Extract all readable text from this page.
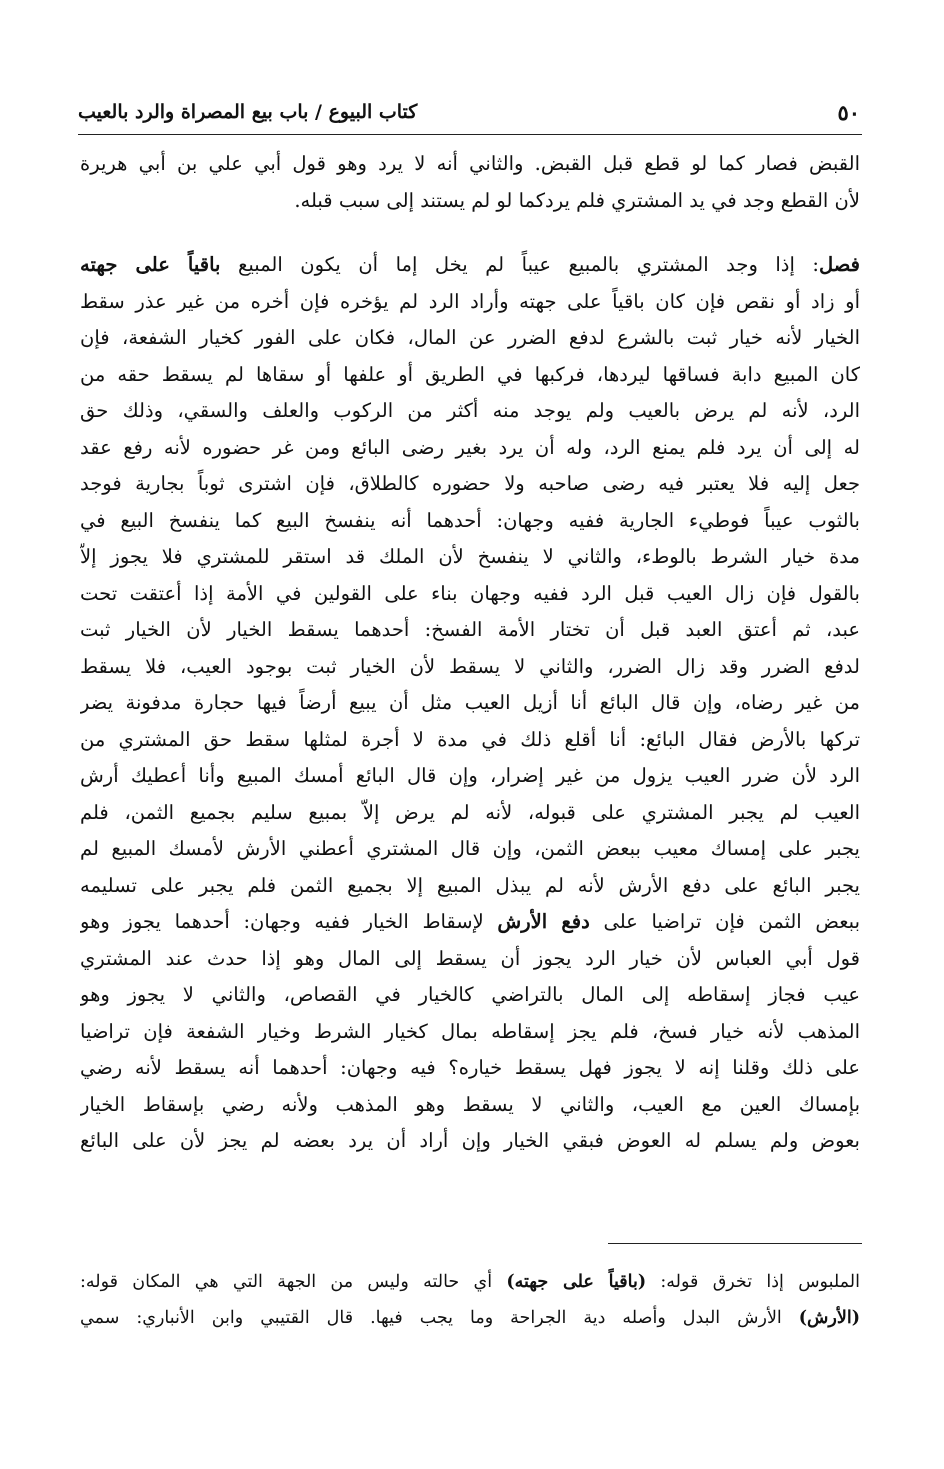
٥٠
كتاب البيوع / باب بيع المصراة والرد بالعيب

القبض فصار كما لو قطع قبل القبض. والثاني أنه لا يرد وهو قول أبي علي بن أبي هريرة
لأن القطع وجد في يد المشتري فلم يردكما لو لم يستند إلى سبب قبله.

فصل: إذا وجد المشتري بالمبيع عيباً لم يخل إما أن يكون المبيع باقياً على جهته
أو زاد أو نقص فإن كان باقياً على جهته وأراد الرد لم يؤخره فإن أخره من غير عذر سقط
الخيار لأنه خيار ثبت بالشرع لدفع الضرر عن المال، فكان على الفور كخيار الشفعة، فإن
كان المبيع دابة فساقها ليردها، فركبها في الطريق أو علفها أو سقاها لم يسقط حقه من
الرد، لأنه لم يرض بالعيب ولم يوجد منه أكثر من الركوب والعلف والسقي، وذلك حق
له إلى أن يرد فلم يمنع الرد، وله أن يرد بغير رضى البائع ومن غر حضوره لأنه رفع عقد
جعل إليه فلا يعتبر فيه رضى صاحبه ولا حضوره كالطلاق، فإن اشترى ثوباً بجارية فوجد
بالثوب عيباً فوطيء الجارية ففيه وجهان: أحدهما أنه ينفسخ البيع كما ينفسخ البيع في
مدة خيار الشرط بالوطء، والثاني لا ينفسخ لأن الملك قد استقر للمشتري فلا يجوز إلاّ
بالقول فإن زال العيب قبل الرد ففيه وجهان بناء على القولين في الأمة إذا أعتقت تحت
عبد، ثم أعتق العبد قبل أن تختار الأمة الفسخ: أحدهما يسقط الخيار لأن الخيار ثبت
لدفع الضرر وقد زال الضرر، والثاني لا يسقط لأن الخيار ثبت بوجود العيب، فلا يسقط
من غير رضاه، وإن قال البائع أنا أزيل العيب مثل أن يبيع أرضاً فيها حجارة مدفونة يضر
تركها بالأرض فقال البائع: أنا أقلع ذلك في مدة لا أجرة لمثلها سقط حق المشتري من
الرد لأن ضرر العيب يزول من غير إضرار، وإن قال البائع أمسك المبيع وأنا أعطيك أرش
العيب لم يجبر المشتري على قبوله، لأنه لم يرض إلاّ بمبيع سليم بجميع الثمن، فلم
يجبر على إمساك معيب ببعض الثمن، وإن قال المشتري أعطني الأرش لأمسك المبيع لم
يجبر البائع على دفع الأرش لأنه لم يبذل المبيع إلا بجميع الثمن فلم يجبر على تسليمه
ببعض الثمن فإن تراضيا على دفع الأرش لإسقاط الخيار ففيه وجهان: أحدهما يجوز وهو
قول أبي العباس لأن خيار الرد يجوز أن يسقط إلى المال وهو إذا حدث عند المشتري
عيب فجاز إسقاطه إلى المال بالتراضي كالخيار في القصاص، والثاني لا يجوز وهو
المذهب لأنه خيار فسخ، فلم يجز إسقاطه بمال كخيار الشرط وخيار الشفعة فإن تراضيا
على ذلك وقلنا إنه لا يجوز فهل يسقط خياره؟ فيه وجهان: أحدهما أنه يسقط لأنه رضي
بإمساك العين مع العيب، والثاني لا يسقط وهو المذهب ولأنه رضي بإسقاط الخيار
بعوض ولم يسلم له العوض فبقي الخيار وإن أراد أن يرد بعضه لم يجز لأن على البائع

الملبوس إذا تخرق قوله: (باقياً على جهته) أي حالته وليس من الجهة التي هي المكان قوله:
(الأرش) الأرش البدل وأصله دية الجراحة وما يجب فيها. قال القتيبي وابن الأنباري: سمي
